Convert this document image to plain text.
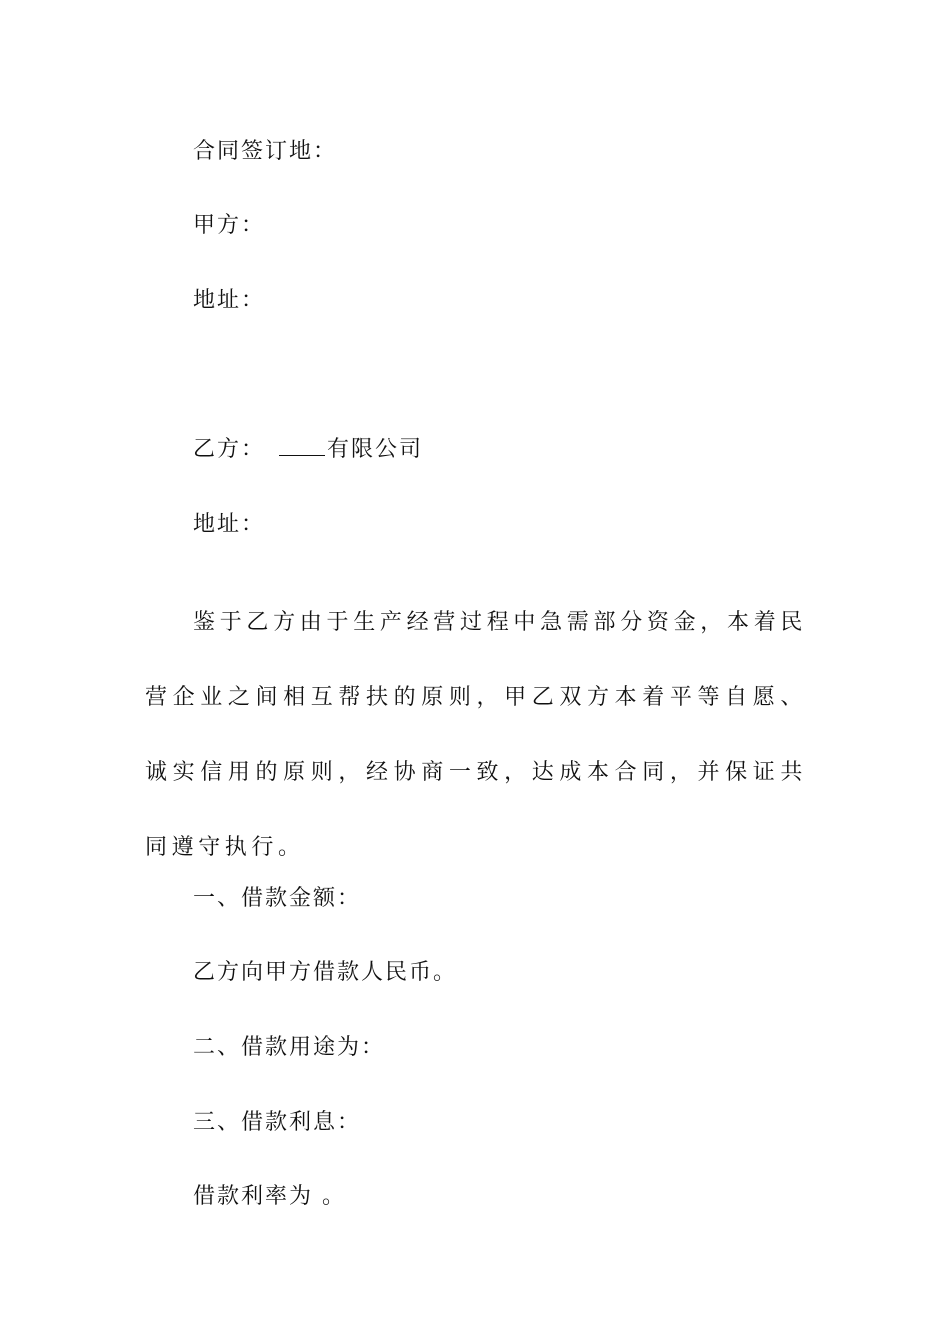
合同签订地：
甲方：
地址：
乙方：	有限公司
地址：
鉴于乙方由于生产经营过程中急需部分资金，本着民营企业之间相互帮扶的原则，甲乙双方本着平等自愿、诚实信用的原则，经协商一致，达成本合同，并保证共同遵守执行。
一、借款金额：
乙方向甲方借款人民币。
二、借款用途为：
三、借款利息：
借款利率为 。
